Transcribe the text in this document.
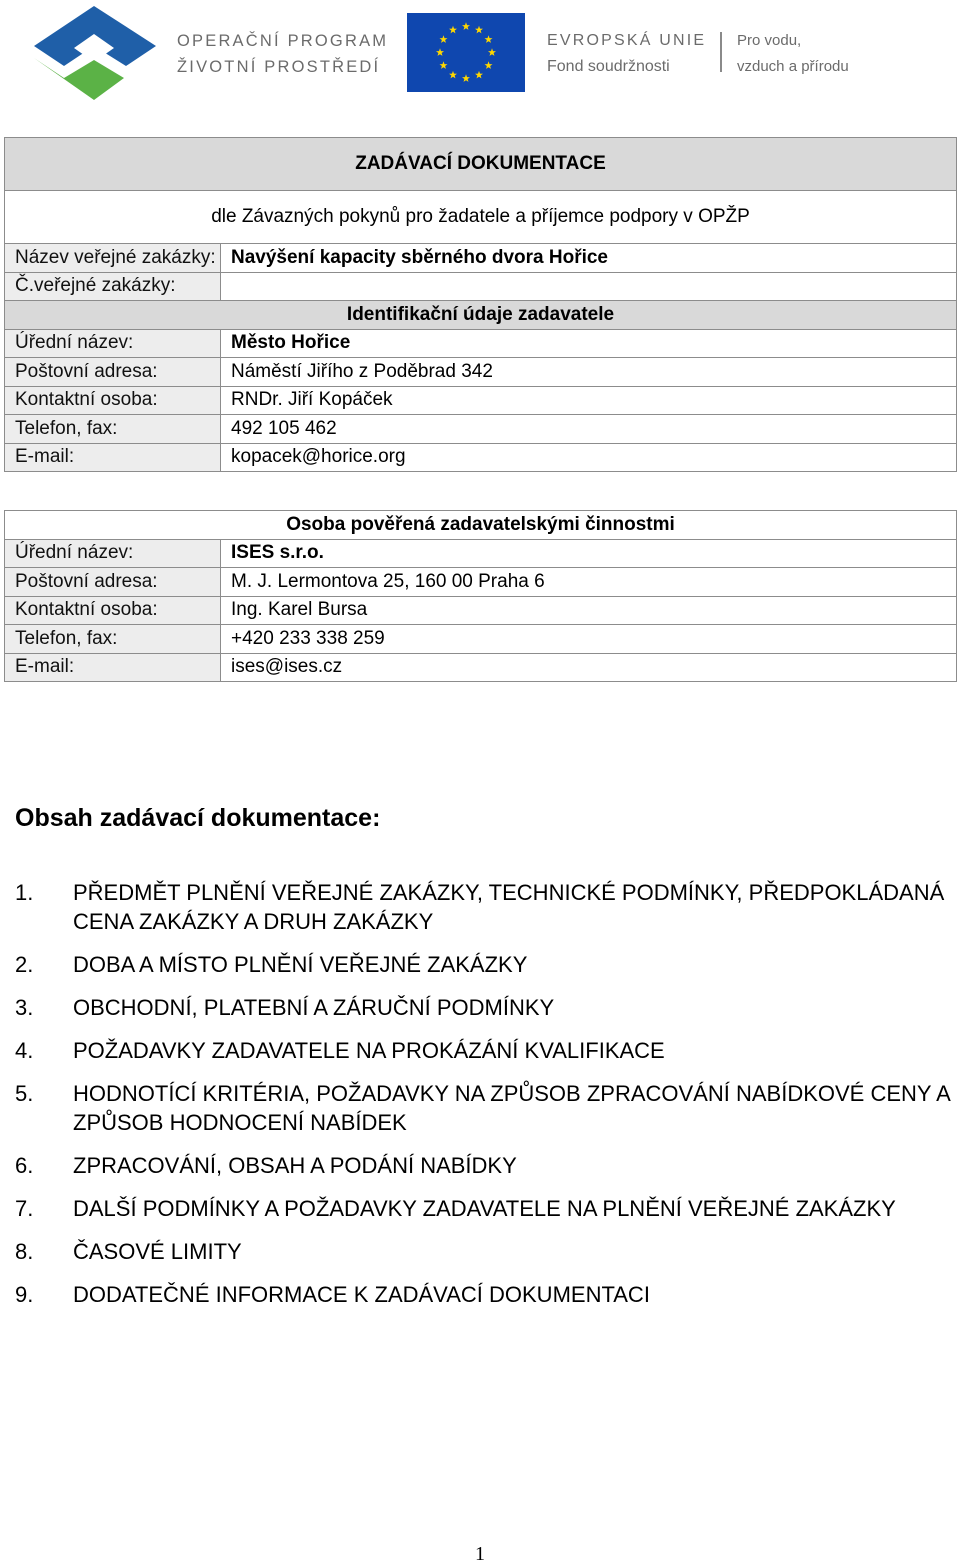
OPERAČNÍ PROGRAM
ŽIVOTNÍ PROSTŘEDÍ
EVROPSKÁ UNIE
Fond soudržnosti
Pro vodu,
vzduch a přírodu
ZADÁVACÍ DOKUMENTACE	
dle Závazných pokynů pro žadatele a příjemce podpory v OPŽP	
Název veřejné zakázky:	Navýšení kapacity sběrného dvora Hořice
Č.veřejné zakázky:	
Identifikační údaje zadavatele	
Úřední název:	Město Hořice
Poštovní adresa:	Náměstí Jiřího z Poděbrad 342
Kontaktní osoba:	RNDr. Jiří Kopáček
Telefon, fax:	492 105 462
E-mail:	kopacek@horice.org
Osoba pověřená zadavatelskými činnostmi	
Úřední název:	ISES s.r.o.
Poštovní adresa:	M. J. Lermontova 25, 160 00 Praha 6
Kontaktní osoba:	Ing. Karel Bursa
Telefon, fax:	+420 233 338 259
E-mail:	ises@ises.cz
Obsah zadávací dokumentace:
1. PŘEDMĚT PLNĚNÍ VEŘEJNÉ ZAKÁZKY, TECHNICKÉ PODMÍNKY, PŘEDPOKLÁDANÁ CENA ZAKÁZKY A DRUH ZAKÁZKY
2. DOBA A MÍSTO PLNĚNÍ VEŘEJNÉ ZAKÁZKY
3. OBCHODNÍ, PLATEBNÍ A ZÁRUČNÍ PODMÍNKY
4. POŽADAVKY ZADAVATELE NA PROKÁZÁNÍ KVALIFIKACE
5. HODNOTÍCÍ KRITÉRIA, POŽADAVKY NA ZPŮSOB ZPRACOVÁNÍ NABÍDKOVÉ CENY A ZPŮSOB HODNOCENÍ NABÍDEK
6. ZPRACOVÁNÍ, OBSAH A PODÁNÍ NABÍDKY
7. DALŠÍ PODMÍNKY A POŽADAVKY ZADAVATELE NA PLNĚNÍ VEŘEJNÉ ZAKÁZKY
8. ČASOVÉ LIMITY
9. DODATEČNÉ INFORMACE K ZADÁVACÍ DOKUMENTACI
1
